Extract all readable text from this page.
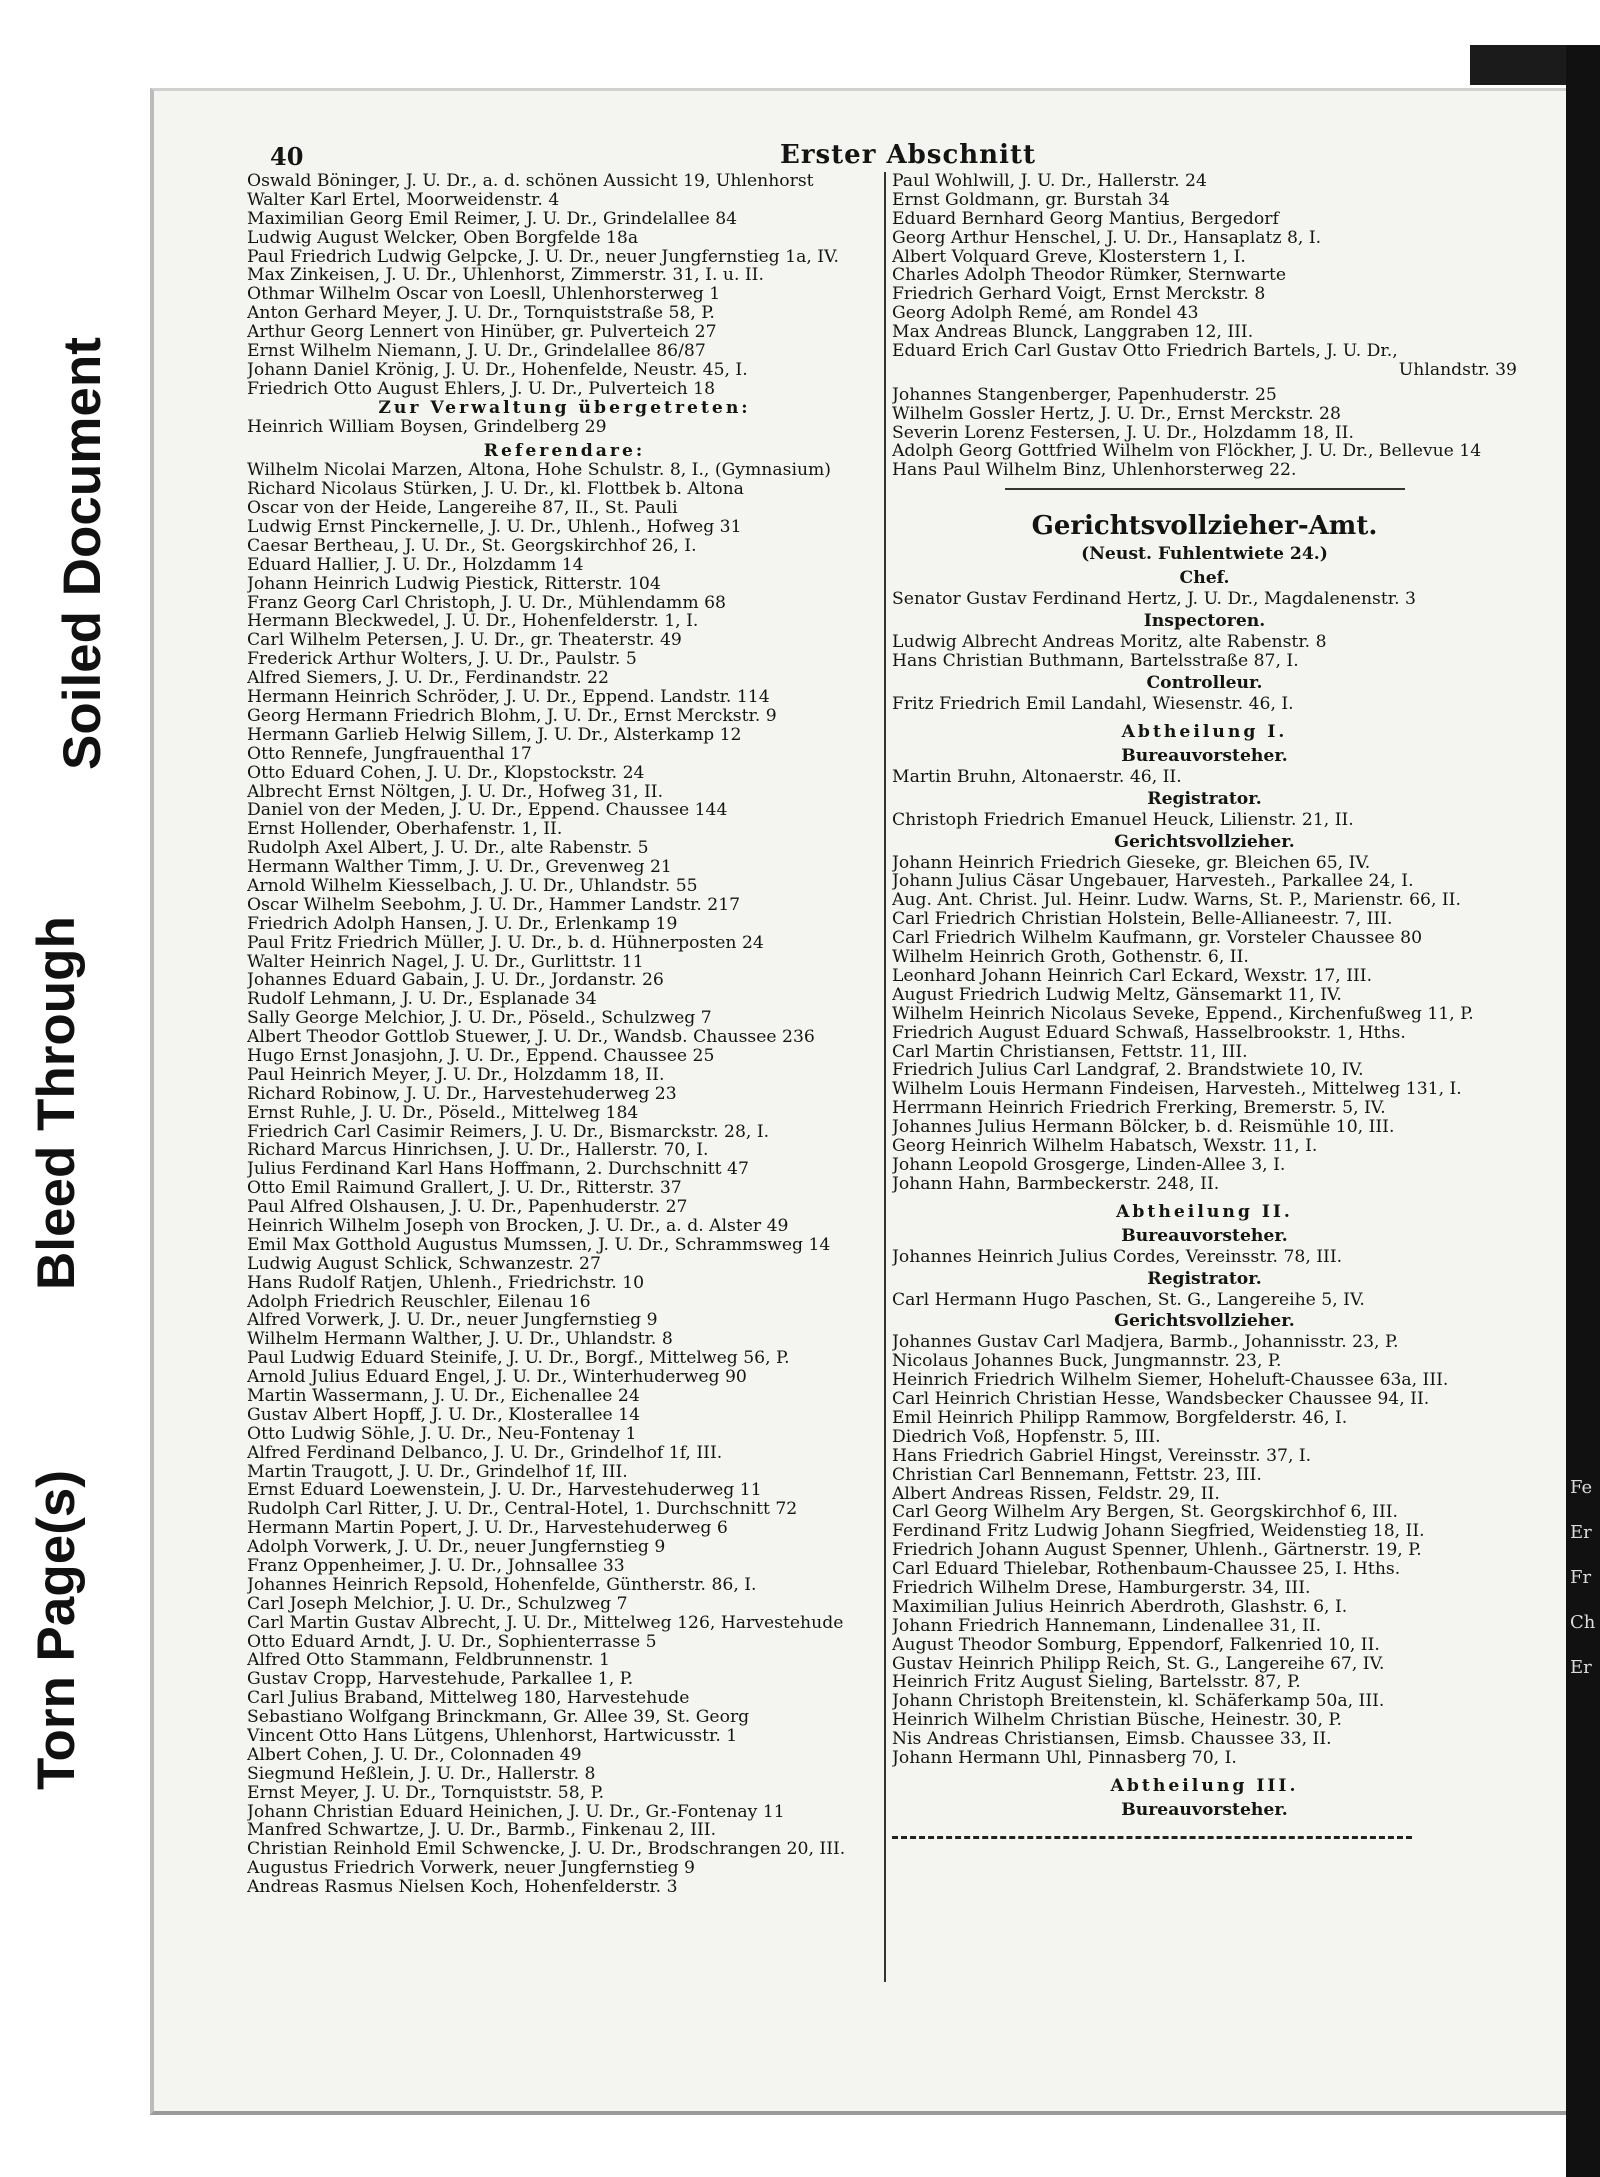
Torn Page(s)
Bleed Through
Soiled Document
Fe
Er
Fr
Ch
Er
40	Erster Abschnitt
Oswald Böninger, J. U. Dr., a. d. schönen Aussicht 19, Uhlenhorst
Walter Karl Ertel, Moorweidenstr. 4
Maximilian Georg Emil Reimer, J. U. Dr., Grindelallee 84
Ludwig August Welcker, Oben Borgfelde 18a
Paul Friedrich Ludwig Gelpcke, J. U. Dr., neuer Jungfernstieg 1a, IV.
Max Zinkeisen, J. U. Dr., Uhlenhorst, Zimmerstr. 31, I. u. II.
Othmar Wilhelm Oscar von Loesll, Uhlenhorsterweg 1
Anton Gerhard Meyer, J. U. Dr., Tornquiststraße 58, P.
Arthur Georg Lennert von Hinüber, gr. Pulverteich 27
Ernst Wilhelm Niemann, J. U. Dr., Grindelallee 86/87
Johann Daniel Krönig, J. U. Dr., Hohenfelde, Neustr. 45, I.
Friedrich Otto August Ehlers, J. U. Dr., Pulverteich 18
Zur Verwaltung übergetreten:
Heinrich William Boysen, Grindelberg 29
Referendare:
Wilhelm Nicolai Marzen, Altona, Hohe Schulstr. 8, I., (Gymnasium)
Richard Nicolaus Stürken, J. U. Dr., kl. Flottbek b. Altona
Oscar von der Heide, Langereihe 87, II., St. Pauli
Ludwig Ernst Pinckernelle, J. U. Dr., Uhlenh., Hofweg 31
Caesar Bertheau, J. U. Dr., St. Georgskirchhof 26, I.
Eduard Hallier, J. U. Dr., Holzdamm 14
Johann Heinrich Ludwig Piestick, Ritterstr. 104
Franz Georg Carl Christoph, J. U. Dr., Mühlendamm 68
Hermann Bleckwedel, J. U. Dr., Hohenfelderstr. 1, I.
Carl Wilhelm Petersen, J. U. Dr., gr. Theaterstr. 49
Frederick Arthur Wolters, J. U. Dr., Paulstr. 5
Alfred Siemers, J. U. Dr., Ferdinandstr. 22
Hermann Heinrich Schröder, J. U. Dr., Eppend. Landstr. 114
Georg Hermann Friedrich Blohm, J. U. Dr., Ernst Merckstr. 9
Hermann Garlieb Helwig Sillem, J. U. Dr., Alsterkamp 12
Otto Rennefe, Jungfrauenthal 17
Otto Eduard Cohen, J. U. Dr., Klopstockstr. 24
Albrecht Ernst Nöltgen, J. U. Dr., Hofweg 31, II.
Daniel von der Meden, J. U. Dr., Eppend. Chaussee 144
Ernst Hollender, Oberhafenstr. 1, II.
Rudolph Axel Albert, J. U. Dr., alte Rabenstr. 5
Hermann Walther Timm, J. U. Dr., Grevenweg 21
Arnold Wilhelm Kiesselbach, J. U. Dr., Uhlandstr. 55
Oscar Wilhelm Seebohm, J. U. Dr., Hammer Landstr. 217
Friedrich Adolph Hansen, J. U. Dr., Erlenkamp 19
Paul Fritz Friedrich Müller, J. U. Dr., b. d. Hühnerposten 24
Walter Heinrich Nagel, J. U. Dr., Gurlittstr. 11
Johannes Eduard Gabain, J. U. Dr., Jordanstr. 26
Rudolf Lehmann, J. U. Dr., Esplanade 34
Sally George Melchior, J. U. Dr., Pöseld., Schulzweg 7
Albert Theodor Gottlob Stuewer, J. U. Dr., Wandsb. Chaussee 236
Hugo Ernst Jonasjohn, J. U. Dr., Eppend. Chaussee 25
Paul Heinrich Meyer, J. U. Dr., Holzdamm 18, II.
Richard Robinow, J. U. Dr., Harvestehuderweg 23
Ernst Ruhle, J. U. Dr., Pöseld., Mittelweg 184
Friedrich Carl Casimir Reimers, J. U. Dr., Bismarckstr. 28, I.
Richard Marcus Hinrichsen, J. U. Dr., Hallerstr. 70, I.
Julius Ferdinand Karl Hans Hoffmann, 2. Durchschnitt 47
Otto Emil Raimund Grallert, J. U. Dr., Ritterstr. 37
Paul Alfred Olshausen, J. U. Dr., Papenhuderstr. 27
Heinrich Wilhelm Joseph von Brocken, J. U. Dr., a. d. Alster 49
Emil Max Gotthold Augustus Mumssen, J. U. Dr., Schrammsweg 14
Ludwig August Schlick, Schwanzestr. 27
Hans Rudolf Ratjen, Uhlenh., Friedrichstr. 10
Adolph Friedrich Reuschler, Eilenau 16
Alfred Vorwerk, J. U. Dr., neuer Jungfernstieg 9
Wilhelm Hermann Walther, J. U. Dr., Uhlandstr. 8
Paul Ludwig Eduard Steinife, J. U. Dr., Borgf., Mittelweg 56, P.
Arnold Julius Eduard Engel, J. U. Dr., Winterhuderweg 90
Martin Wassermann, J. U. Dr., Eichenallee 24
Gustav Albert Hopff, J. U. Dr., Klosterallee 14
Otto Ludwig Söhle, J. U. Dr., Neu-Fontenay 1
Alfred Ferdinand Delbanco, J. U. Dr., Grindelhof 1f, III.
Martin Traugott, J. U. Dr., Grindelhof 1f, III.
Ernst Eduard Loewenstein, J. U. Dr., Harvestehuderweg 11
Rudolph Carl Ritter, J. U. Dr., Central-Hotel, 1. Durchschnitt 72
Hermann Martin Popert, J. U. Dr., Harvestehuderweg 6
Adolph Vorwerk, J. U. Dr., neuer Jungfernstieg 9
Franz Oppenheimer, J. U. Dr., Johnsallee 33
Johannes Heinrich Repsold, Hohenfelde, Güntherstr. 86, I.
Carl Joseph Melchior, J. U. Dr., Schulzweg 7
Carl Martin Gustav Albrecht, J. U. Dr., Mittelweg 126, Harvestehude
Otto Eduard Arndt, J. U. Dr., Sophienterrasse 5
Alfred Otto Stammann, Feldbrunnenstr. 1
Gustav Cropp, Harvestehude, Parkallee 1, P.
Carl Julius Braband, Mittelweg 180, Harvestehude
Sebastiano Wolfgang Brinckmann, Gr. Allee 39, St. Georg
Vincent Otto Hans Lütgens, Uhlenhorst, Hartwicusstr. 1
Albert Cohen, J. U. Dr., Colonnaden 49
Siegmund Heßlein, J. U. Dr., Hallerstr. 8
Ernst Meyer, J. U. Dr., Tornquiststr. 58, P.
Johann Christian Eduard Heinichen, J. U. Dr., Gr.-Fontenay 11
Manfred Schwartze, J. U. Dr., Barmb., Finkenau 2, III.
Christian Reinhold Emil Schwencke, J. U. Dr., Brodschrangen 20, III.
Augustus Friedrich Vorwerk, neuer Jungfernstieg 9
Andreas Rasmus Nielsen Koch, Hohenfelderstr. 3
Paul Wohlwill, J. U. Dr., Hallerstr. 24
Ernst Goldmann, gr. Burstah 34
Eduard Bernhard Georg Mantius, Bergedorf
Georg Arthur Henschel, J. U. Dr., Hansaplatz 8, I.
Albert Volquard Greve, Klosterstern 1, I.
Charles Adolph Theodor Rümker, Sternwarte
Friedrich Gerhard Voigt, Ernst Merckstr. 8
Georg Adolph Remé, am Rondel 43
Max Andreas Blunck, Langgraben 12, III.
Eduard Erich Carl Gustav Otto Friedrich Bartels, J. U. Dr.,
Uhlandstr. 39
Johannes Stangenberger, Papenhuderstr. 25
Wilhelm Gossler Hertz, J. U. Dr., Ernst Merckstr. 28
Severin Lorenz Festersen, J. U. Dr., Holzdamm 18, II.
Adolph Georg Gottfried Wilhelm von Flöckher, J. U. Dr., Bellevue 14
Hans Paul Wilhelm Binz, Uhlenhorsterweg 22.
Gerichtsvollzieher-Amt.
(Neust. Fuhlentwiete 24.)
Chef.
Senator Gustav Ferdinand Hertz, J. U. Dr., Magdalenenstr. 3
Inspectoren.
Ludwig Albrecht Andreas Moritz, alte Rabenstr. 8
Hans Christian Buthmann, Bartelsstraße 87, I.
Controlleur.
Fritz Friedrich Emil Landahl, Wiesenstr. 46, I.
Abtheilung I.
Bureauvorsteher.
Martin Bruhn, Altonaerstr. 46, II.
Registrator.
Christoph Friedrich Emanuel Heuck, Lilienstr. 21, II.
Gerichtsvollzieher.
Johann Heinrich Friedrich Gieseke, gr. Bleichen 65, IV.
Johann Julius Cäsar Ungebauer, Harvesteh., Parkallee 24, I.
Aug. Ant. Christ. Jul. Heinr. Ludw. Warns, St. P., Marienstr. 66, II.
Carl Friedrich Christian Holstein, Belle-Allianeestr. 7, III.
Carl Friedrich Wilhelm Kaufmann, gr. Vorsteler Chaussee 80
Wilhelm Heinrich Groth, Gothenstr. 6, II.
Leonhard Johann Heinrich Carl Eckard, Wexstr. 17, III.
August Friedrich Ludwig Meltz, Gänsemarkt 11, IV.
Wilhelm Heinrich Nicolaus Seveke, Eppend., Kirchenfußweg 11, P.
Friedrich August Eduard Schwaß, Hasselbrookstr. 1, Hths.
Carl Martin Christiansen, Fettstr. 11, III.
Friedrich Julius Carl Landgraf, 2. Brandstwiete 10, IV.
Wilhelm Louis Hermann Findeisen, Harvesteh., Mittelweg 131, I.
Herrmann Heinrich Friedrich Frerking, Bremerstr. 5, IV.
Johannes Julius Hermann Bölcker, b. d. Reismühle 10, III.
Georg Heinrich Wilhelm Habatsch, Wexstr. 11, I.
Johann Leopold Grosgerge, Linden-Allee 3, I.
Johann Hahn, Barmbeckerstr. 248, II.
Abtheilung II.
Bureauvorsteher.
Johannes Heinrich Julius Cordes, Vereinsstr. 78, III.
Registrator.
Carl Hermann Hugo Paschen, St. G., Langereihe 5, IV.
Gerichtsvollzieher.
Johannes Gustav Carl Madjera, Barmb., Johannisstr. 23, P.
Nicolaus Johannes Buck, Jungmannstr. 23, P.
Heinrich Friedrich Wilhelm Siemer, Hoheluft-Chaussee 63a, III.
Carl Heinrich Christian Hesse, Wandsbecker Chaussee 94, II.
Emil Heinrich Philipp Rammow, Borgfelderstr. 46, I.
Diedrich Voß, Hopfenstr. 5, III.
Hans Friedrich Gabriel Hingst, Vereinsstr. 37, I.
Christian Carl Bennemann, Fettstr. 23, III.
Albert Andreas Rissen, Feldstr. 29, II.
Carl Georg Wilhelm Ary Bergen, St. Georgskirchhof 6, III.
Ferdinand Fritz Ludwig Johann Siegfried, Weidenstieg 18, II.
Friedrich Johann August Spenner, Uhlenh., Gärtnerstr. 19, P.
Carl Eduard Thielebar, Rothenbaum-Chaussee 25, I. Hths.
Friedrich Wilhelm Drese, Hamburgerstr. 34, III.
Maximilian Julius Heinrich Aberdroth, Glashstr. 6, I.
Johann Friedrich Hannemann, Lindenallee 31, II.
August Theodor Somburg, Eppendorf, Falkenried 10, II.
Gustav Heinrich Philipp Reich, St. G., Langereihe 67, IV.
Heinrich Fritz August Sieling, Bartelsstr. 87, P.
Johann Christoph Breitenstein, kl. Schäferkamp 50a, III.
Heinrich Wilhelm Christian Büsche, Heinestr. 30, P.
Nis Andreas Christiansen, Eimsb. Chaussee 33, II.
Johann Hermann Uhl, Pinnasberg 70, I.
Abtheilung III.
Bureauvorsteher.
